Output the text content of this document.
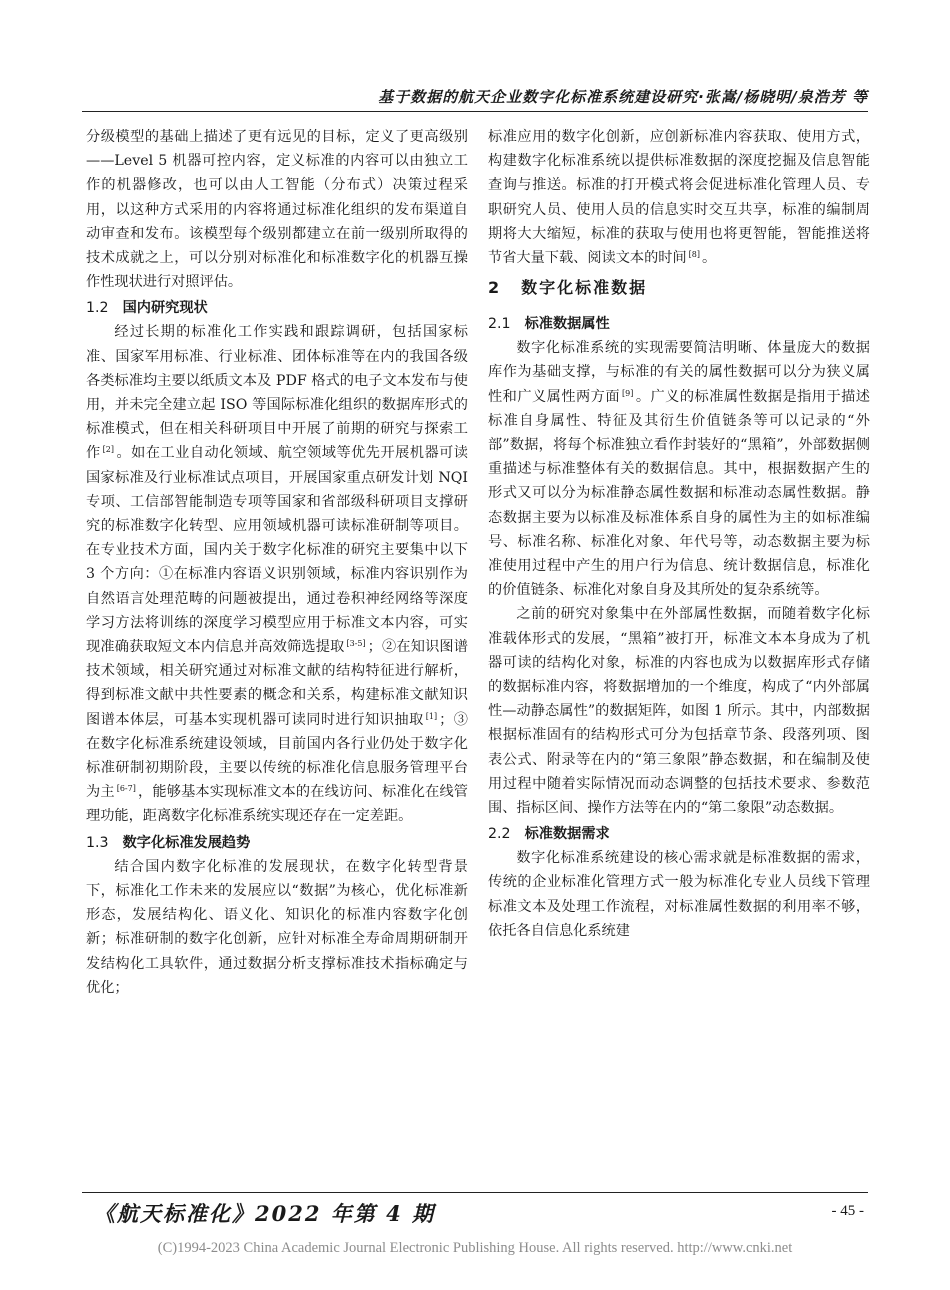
基于数据的航天企业数字化标准系统建设研究·张嵩/杨晓明/泉浩芳 等

分级模型的基础上描述了更有远见的目标，定义了更高级别——Level 5 机器可控内容，定义标准的内容可以由独立工作的机器修改，也可以由人工智能（分布式）决策过程采用，以这种方式采用的内容将通过标准化组织的发布渠道自动审查和发布。该模型每个级别都建立在前一级别所取得的技术成就之上，可以分别对标准化和标准数字化的机器互操作性现状进行对照评估。

1.2 国内研究现状

经过长期的标准化工作实践和跟踪调研，包括国家标准、国家军用标准、行业标准、团体标准等在内的我国各级各类标准均主要以纸质文本及 PDF 格式的电子文本发布与使用，并未完全建立起 ISO 等国际标准化组织的数据库形式的标准模式，但在相关科研项目中开展了前期的研究与探索工作 [2] 。如在工业自动化领域、航空领域等优先开展机器可读国家标准及行业标准试点项目，开展国家重点研发计划 NQI 专项、工信部智能制造专项等国家和省部级科研项目支撑研究的标准数字化转型、应用领域机器可读标准研制等项目。在专业技术方面，国内关于数字化标准的研究主要集中以下 3 个方向：①在标准内容语义识别领域，标准内容识别作为自然语言处理范畴的问题被提出，通过卷积神经网络等深度学习方法将训练的深度学习模型应用于标准文本内容，可实现准确获取短文本内信息并高效筛选提取 [3-5] ；②在知识图谱技术领域，相关研究通过对标准文献的结构特征进行解析，得到标准文献中共性要素的概念和关系，构建标准文献知识图谱本体层，可基本实现机器可读同时进行知识抽取 [1] ；③在数字化标准系统建设领域，目前国内各行业仍处于数字化标准研制初期阶段，主要以传统的标准化信息服务管理平台为主 [6-7] ，能够基本实现标准文本的在线访问、标准化在线管理功能，距离数字化标准系统实现还存在一定差距。

1.3 数字化标准发展趋势

结合国内数字化标准的发展现状，在数字化转型背景下，标准化工作未来的发展应以“数据”为核心，优化标准新形态，发展结构化、语义化、知识化的标准内容数字化创新；标准研制的数字化创新，应针对标准全寿命周期研制开发结构化工具软件，通过数据分析支撑标准技术指标确定与优化；

标准应用的数字化创新，应创新标准内容获取、使用方式，构建数字化标准系统以提供标准数据的深度挖掘及信息智能查询与推送。标准的打开模式将会促进标准化管理人员、专职研究人员、使用人员的信息实时交互共享，标准的编制周期将大大缩短，标准的获取与使用也将更智能，智能推送将节省大量下载、阅读文本的时间 [8] 。

2 数字化标准数据
2.1 标准数据属性

数字化标准系统的实现需要简洁明晰、体量庞大的数据库作为基础支撑，与标准的有关的属性数据可以分为狭义属性和广义属性两方面 [9] 。广义的标准属性数据是指用于描述标准自身属性、特征及其衍生价值链条等可以记录的“外部”数据，将每个标准独立看作封装好的“黑箱”，外部数据侧重描述与标准整体有关的数据信息。其中，根据数据产生的形式又可以分为标准静态属性数据和标准动态属性数据。静态数据主要为以标准及标准体系自身的属性为主的如标准编号、标准名称、标准化对象、年代号等，动态数据主要为标准使用过程中产生的用户行为信息、统计数据信息，标准化的价值链条、标准化对象自身及其所处的复杂系统等。

之前的研究对象集中在外部属性数据，而随着数字化标准载体形式的发展，“黑箱”被打开，标准文本本身成为了机器可读的结构化对象，标准的内容也成为以数据库形式存储的数据标准内容，将数据增加的一个维度，构成了“内外部属性—动静态属性”的数据矩阵，如图 1 所示。其中，内部数据根据标准固有的结构形式可分为包括章节条、段落列项、图表公式、附录等在内的“第三象限”静态数据，和在编制及使用过程中随着实际情况而动态调整的包括技术要求、参数范围、指标区间、操作方法等在内的“第二象限”动态数据。

2.2 标准数据需求

数字化标准系统建设的核心需求就是标准数据的需求，传统的企业标准化管理方式一般为标准化专业人员线下管理标准文本及处理工作流程，对标准属性数据的利用率不够，依托各自信息化系统建

《航天标准化》2022 年第 4 期	- 45 -
(C)1994-2023 China Academic Journal Electronic Publishing House. All rights reserved. http://www.cnki.net
